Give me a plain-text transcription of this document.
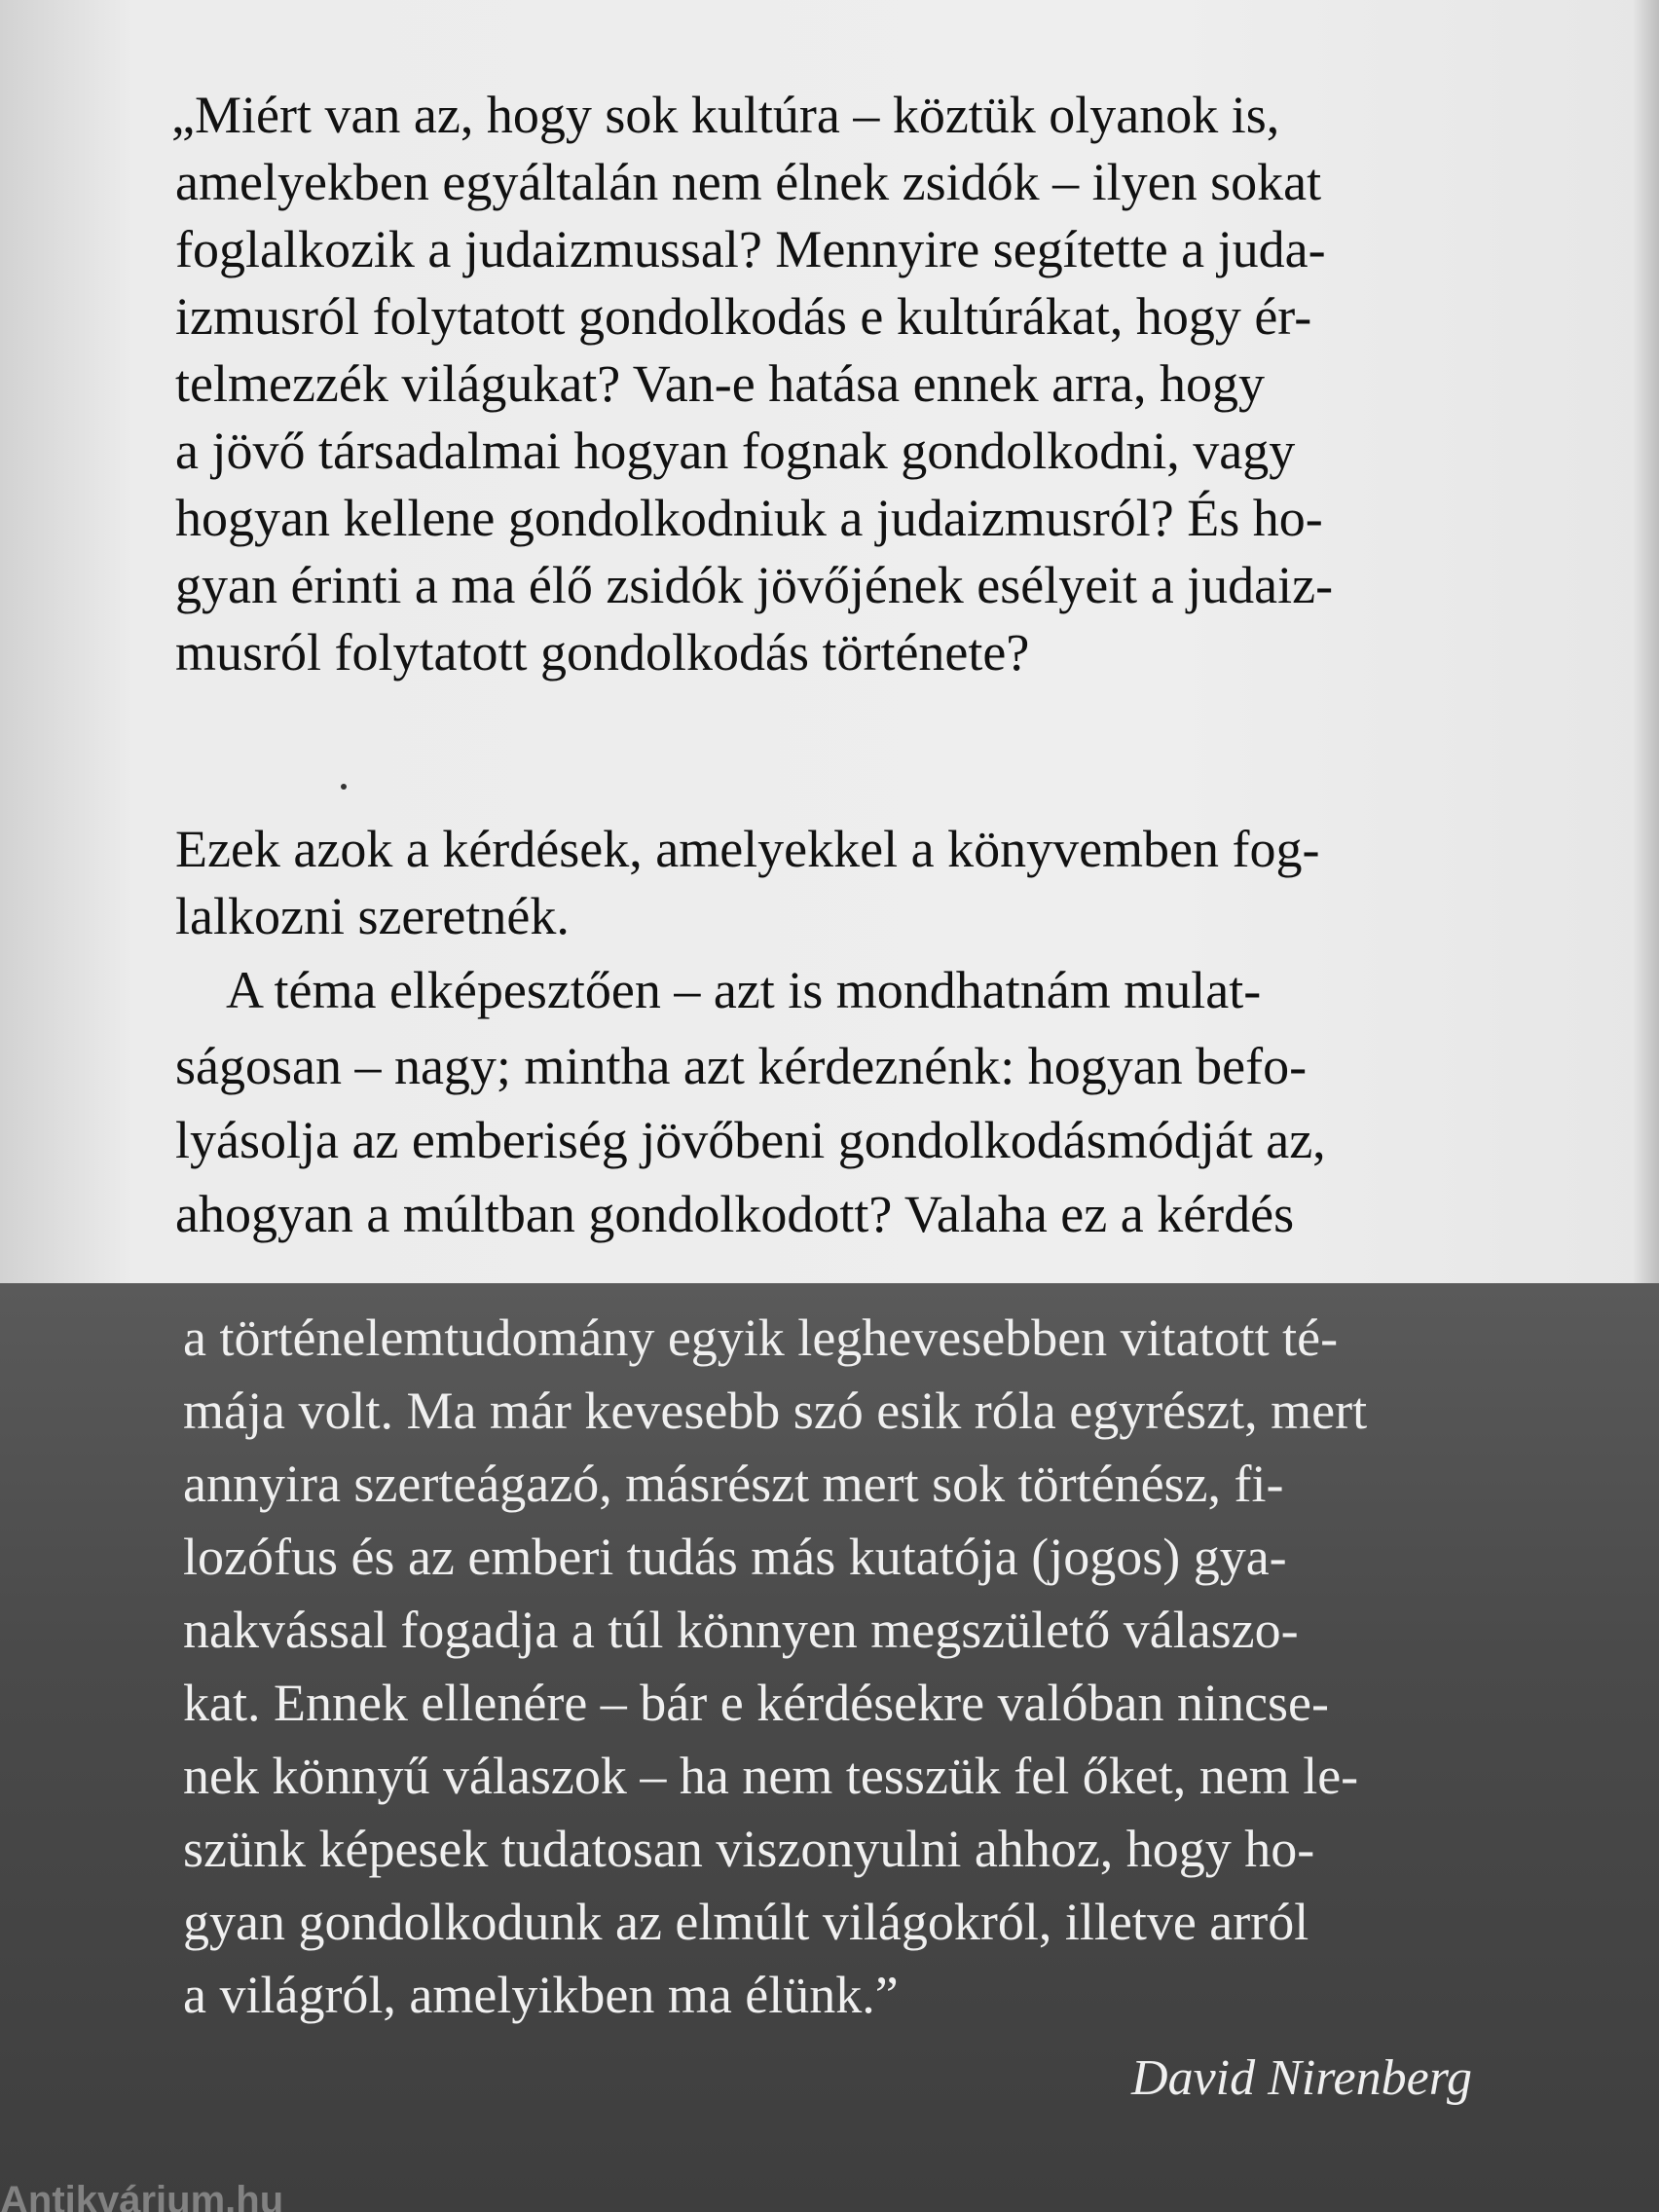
„Miért van az, hogy sok kultúra – köztük olyanok is,
amelyekben egyáltalán nem élnek zsidók – ilyen sokat
foglalkozik a judaizmussal? Mennyire segítette a juda-
izmusról folytatott gondolkodás e kultúrákat, hogy ér-
telmezzék világukat? Van-e hatása ennek arra, hogy
a jövő társadalmai hogyan fognak gondolkodni, vagy
hogyan kellene gondolkodniuk a judaizmusról? És ho-
gyan érinti a ma élő zsidók jövőjének esélyeit a judaiz-
musról folytatott gondolkodás története?
Ezek azok a kérdések, amelyekkel a könyvemben fog-
lalkozni szeretnék.
A téma elképesztően – azt is mondhatnám mulat-
ságosan – nagy; mintha azt kérdeznénk: hogyan befo-
lyásolja az emberiség jövőbeni gondolkodásmódját az,
ahogyan a múltban gondolkodott? Valaha ez a kérdés
a történelemtudomány egyik leghevesebben vitatott té-
mája volt. Ma már kevesebb szó esik róla egyrészt, mert
annyira szerteágazó, másrészt mert sok történész, fi-
lozófus és az emberi tudás más kutatója (jogos) gya-
nakvással fogadja a túl könnyen megszülető válaszo-
kat. Ennek ellenére – bár e kérdésekre valóban nincse-
nek könnyű válaszok – ha nem tesszük fel őket, nem le-
szünk képesek tudatosan viszonyulni ahhoz, hogy ho-
gyan gondolkodunk az elmúlt világokról, illetve arról
a világról, amelyikben ma élünk.”
David Nirenberg
Antikvárium.hu
